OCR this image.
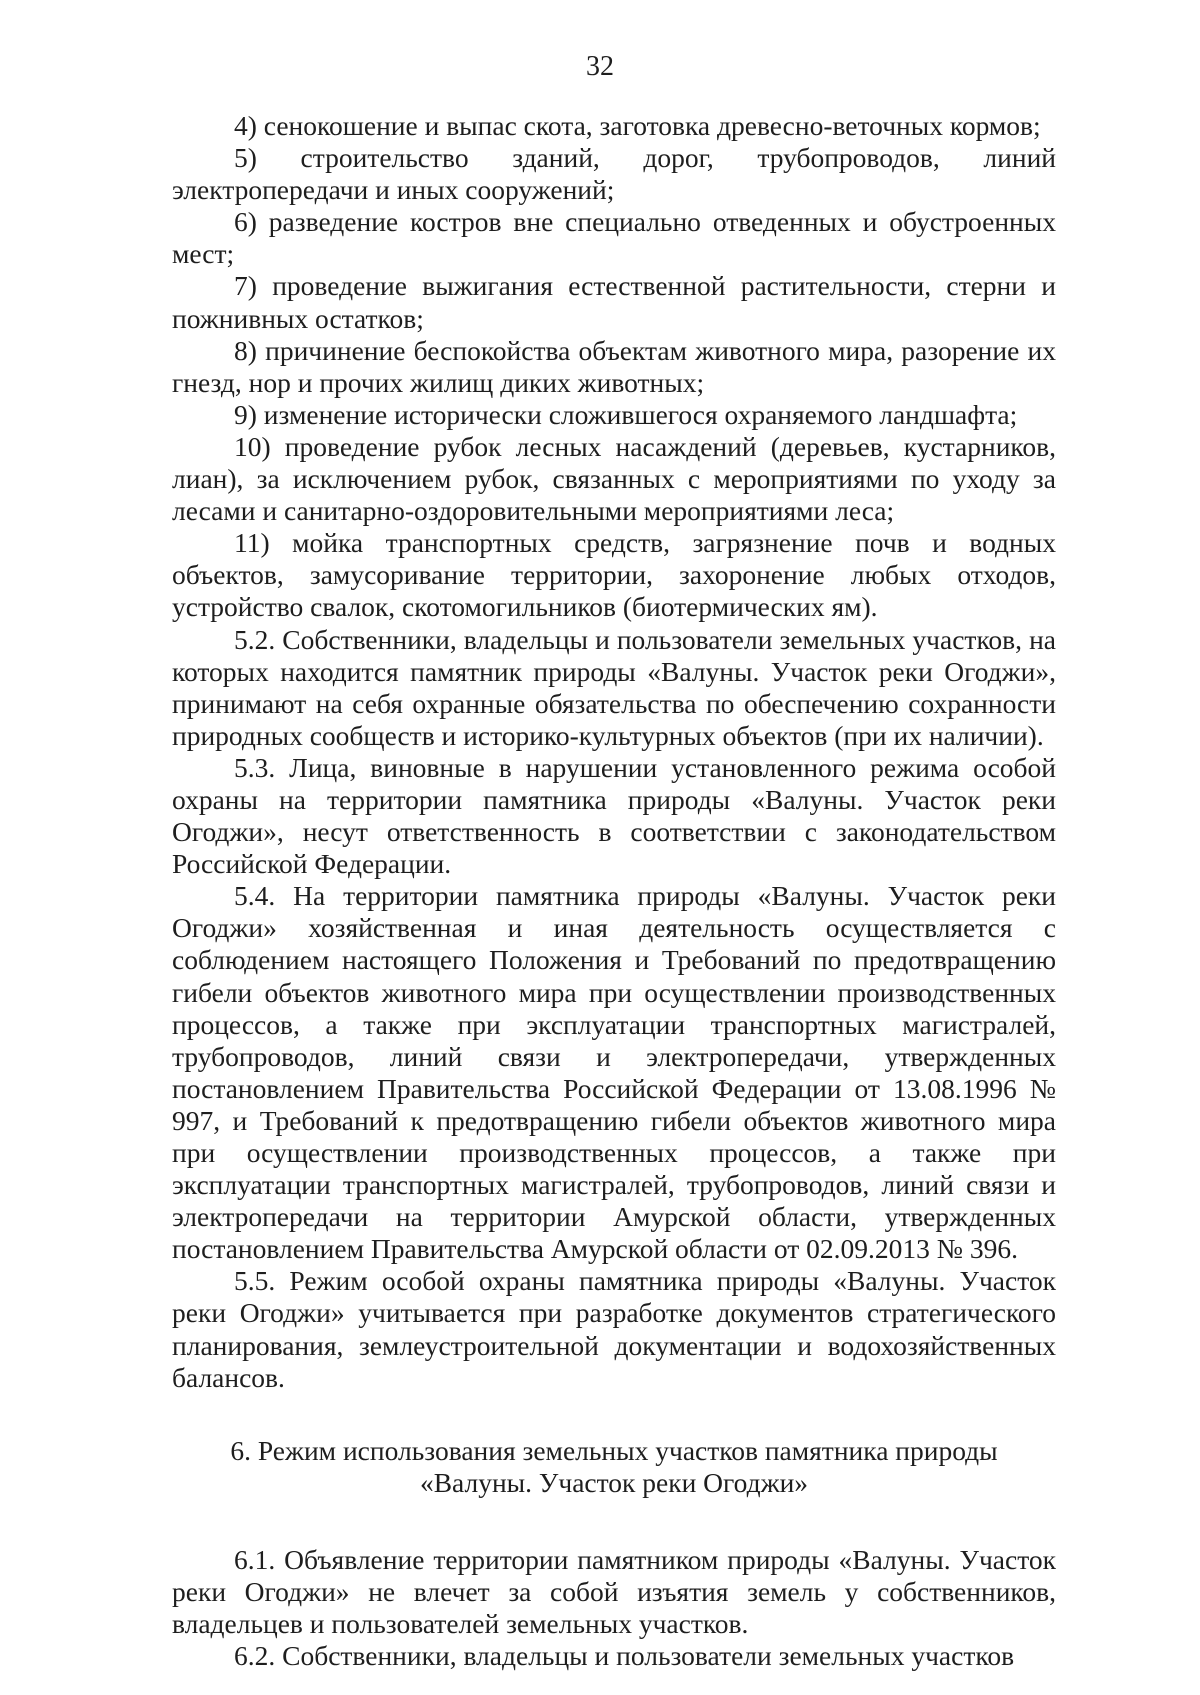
32

4) сенокошение и выпас скота, заготовка древесно-веточных кормов;

5) строительство зданий, дорог, трубопроводов, линий электропередачи и иных сооружений;

6) разведение костров вне специально отведенных и обустроенных мест;

7) проведение выжигания естественной растительности, стерни и пожнивных остатков;

8) причинение беспокойства объектам животного мира, разорение их гнезд, нор и прочих жилищ диких животных;

9) изменение исторически сложившегося охраняемого ландшафта;

10) проведение рубок лесных насаждений (деревьев, кустарников, лиан), за исключением рубок, связанных с мероприятиями по уходу за лесами и санитарно-оздоровительными мероприятиями леса;

11) мойка транспортных средств, загрязнение почв и водных объектов, замусоривание территории, захоронение любых отходов, устройство свалок, скотомогильников (биотермических ям).

5.2. Собственники, владельцы и пользователи земельных участков, на которых находится памятник природы «Валуны. Участок реки Огоджи», принимают на себя охранные обязательства по обеспечению сохранности природных сообществ и историко-культурных объектов (при их наличии).

5.3. Лица, виновные в нарушении установленного режима особой охраны на территории памятника природы «Валуны. Участок реки Огоджи», несут ответственность в соответствии с законодательством Российской Федерации.

5.4. На территории памятника природы «Валуны. Участок реки Огоджи» хозяйственная и иная деятельность осуществляется с соблюдением настоящего Положения и Требований по предотвращению гибели объектов животного мира при осуществлении производственных процессов, а также при эксплуатации транспортных магистралей, трубопроводов, линий связи и электропередачи, утвержденных постановлением Правительства Российской Федерации от 13.08.1996 № 997, и Требований к предотвращению гибели объектов животного мира при осуществлении производственных процессов, а также при эксплуатации транспортных магистралей, трубопроводов, линий связи и электропередачи на территории Амурской области, утвержденных постановлением Правительства Амурской области от 02.09.2013 № 396.

5.5. Режим особой охраны памятника природы «Валуны. Участок реки Огоджи» учитывается при разработке документов стратегического планирования, землеустроительной документации и водохозяйственных балансов.

6. Режим использования земельных участков памятника природы
«Валуны. Участок реки Огоджи»

6.1. Объявление территории памятником природы «Валуны. Участок реки Огоджи» не влечет за собой изъятия земель у собственников, владельцев и пользователей земельных участков.

6.2. Собственники, владельцы и пользователи земельных участков
